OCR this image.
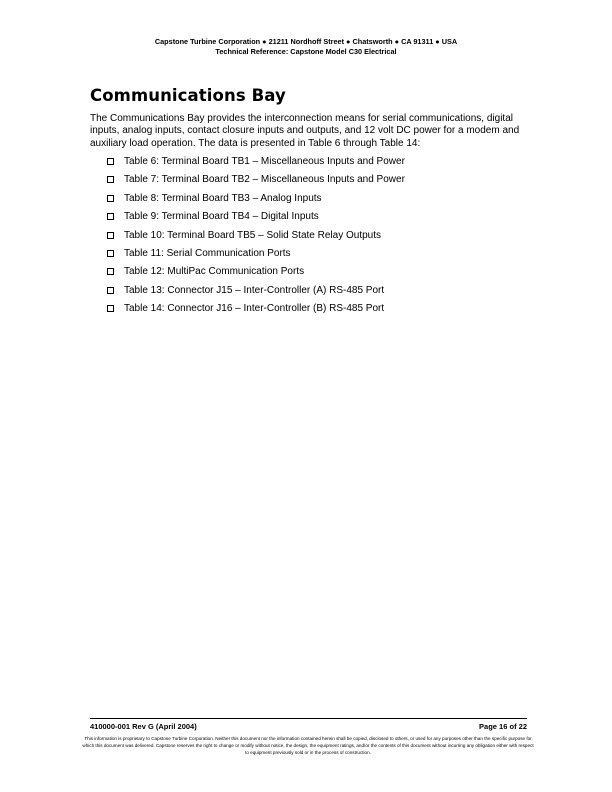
Capstone Turbine Corporation ● 21211 Nordhoff Street ● Chatsworth ● CA 91311 ● USA
Technical Reference: Capstone Model C30 Electrical
Communications Bay

The Communications Bay provides the interconnection means for serial communications, digital inputs, analog inputs, contact closure inputs and outputs, and 12 volt DC power for a modem and auxiliary load operation. The data is presented in Table 6 through Table 14:

Table 6: Terminal Board TB1 – Miscellaneous Inputs and Power
Table 7: Terminal Board TB2 – Miscellaneous Inputs and Power
Table 8: Terminal Board TB3 – Analog Inputs
Table 9: Terminal Board TB4 – Digital Inputs
Table 10: Terminal Board TB5 – Solid State Relay Outputs
Table 11: Serial Communication Ports
Table 12: MultiPac Communication Ports
Table 13: Connector J15 – Inter-Controller (A) RS-485 Port
Table 14: Connector J16 – Inter-Controller (B) RS-485 Port
410000-001 Rev G (April 2004)	Page 16 of 22

This information is proprietary to Capstone Turbine Corporation. Neither this document nor the information contained herein shall be copied, disclosed to others, or used for any purposes other than the specific purpose for which this document was delivered. Capstone reserves the right to change or modify without notice, the design, the equipment ratings, and/or the contents of this document without incurring any obligation either with respect to equipment previously sold or in the process of construction.
